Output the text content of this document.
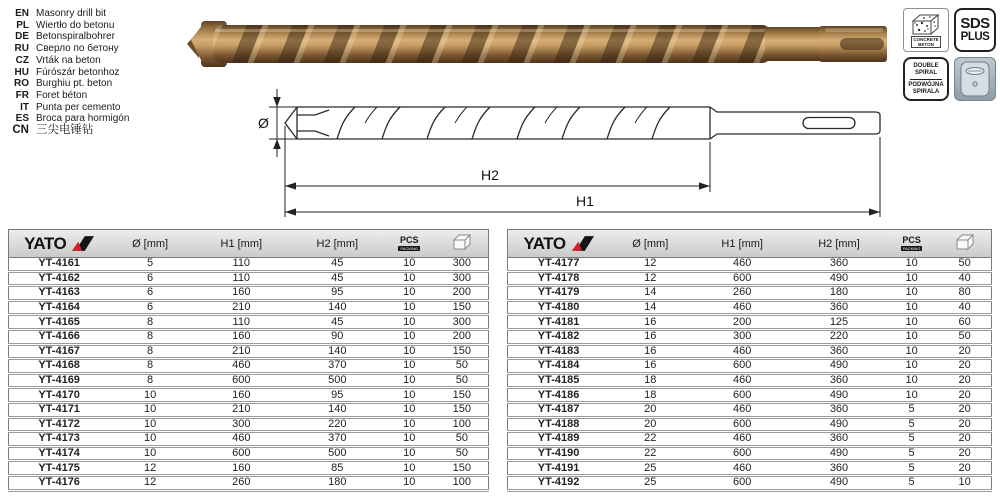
EN Masonry drill bit
PL Wiertło do betonu
DE Betonspiralbohrer
RU Сверло по бетону
CZ Vrták na beton
HU Fúrószár betonhoz
RO Burghiu pt. beton
FR Foret béton
IT Punta per cemento
ES Broca para hormigón
CN 三尖电锤钻	Ø
H2
H1
CONCRETE
BETON
SDS
PLUS
DOUBLE
SPIRAL
PODWÓJNA
SPIRALA
YATO	Ø [mm]	H1 [mm]	H2 [mm]	PCS
PACKING

YT-4161	5	110	45	10	300
YT-4162	6	110	45	10	300
YT-4163	6	160	95	10	200
YT-4164	6	210	140	10	150
YT-4165	8	110	45	10	300
YT-4166	8	160	90	10	200
YT-4167	8	210	140	10	150
YT-4168	8	460	370	10	50
YT-4169	8	600	500	10	50
YT-4170	10	160	95	10	150
YT-4171	10	210	140	10	150
YT-4172	10	300	220	10	100
YT-4173	10	460	370	10	50
YT-4174	10	600	500	10	50
YT-4175	12	160	85	10	150
YT-4176	12	260	180	10	100
YATO	Ø [mm]	H1 [mm]	H2 [mm]	PCS
PACKING

YT-4177	12	460	360	10	50
YT-4178	12	600	490	10	40
YT-4179	14	260	180	10	80
YT-4180	14	460	360	10	40
YT-4181	16	200	125	10	60
YT-4182	16	300	220	10	50
YT-4183	16	460	360	10	20
YT-4184	16	600	490	10	20
YT-4185	18	460	360	10	20
YT-4186	18	600	490	10	20
YT-4187	20	460	360	5	20
YT-4188	20	600	490	5	20
YT-4189	22	460	360	5	20
YT-4190	22	600	490	5	20
YT-4191	25	460	360	5	20
YT-4192	25	600	490	5	10
